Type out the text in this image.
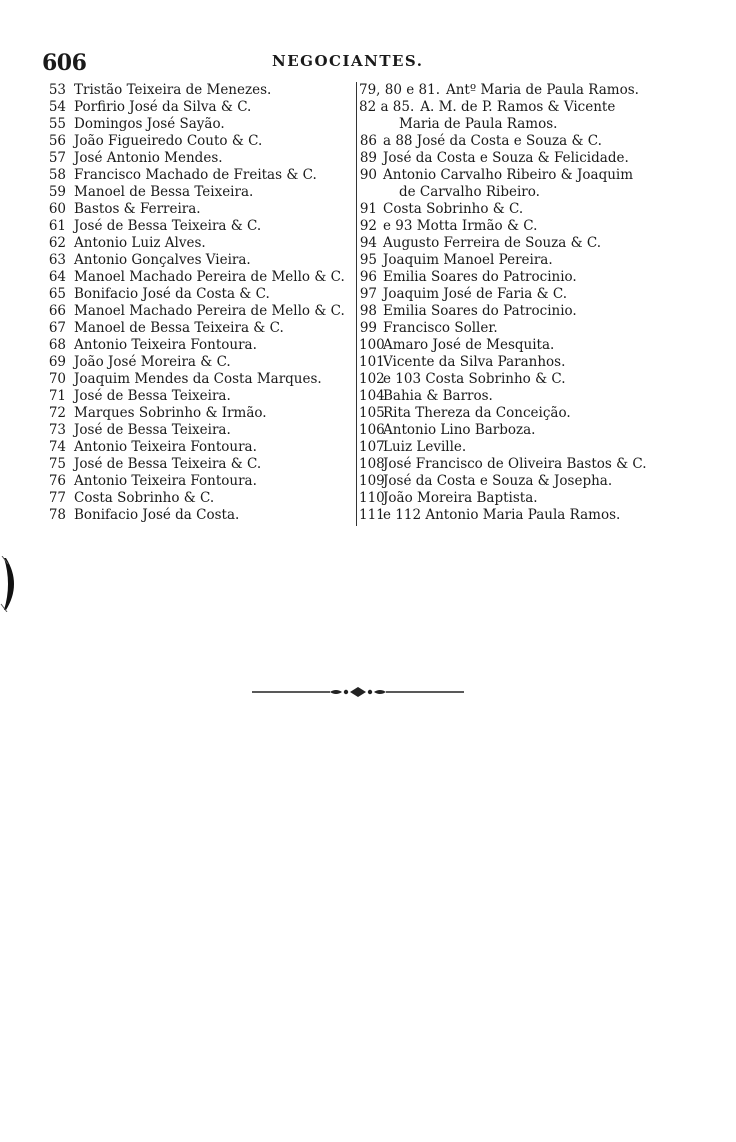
606	NEGOCIANTES.
53 Tristão Teixeira de Menezes.
54 Porfirio José da Silva & C.
55 Domingos José Sayão.
56 João Figueiredo Couto & C.
57 José Antonio Mendes.
58 Francisco Machado de Freitas & C.
59 Manoel de Bessa Teixeira.
60 Bastos & Ferreira.
61 José de Bessa Teixeira & C.
62 Antonio Luiz Alves.
63 Antonio Gonçalves Vieira.
64 Manoel Machado Pereira de Mello & C.
65 Bonifacio José da Costa & C.
66 Manoel Machado Pereira de Mello & C.
67 Manoel de Bessa Teixeira & C.
68 Antonio Teixeira Fontoura.
69 João José Moreira & C.
70 Joaquim Mendes da Costa Marques.
71 José de Bessa Teixeira.
72 Marques Sobrinho & Irmão.
73 José de Bessa Teixeira.
74 Antonio Teixeira Fontoura.
75 José de Bessa Teixeira & C.
76 Antonio Teixeira Fontoura.
77 Costa Sobrinho & C.
78 Bonifacio José da Costa.
79, 80 e 81. Antº Maria de Paula Ramos.
82 a 85. A. M. de P. Ramos & Vicente
Maria de Paula Ramos.
86 a 88 José da Costa e Souza & C.
89 José da Costa e Souza & Felicidade.
90 Antonio Carvalho Ribeiro & Joaquim
de Carvalho Ribeiro.
91 Costa Sobrinho & C.
92 e 93 Motta Irmão & C.
94 Augusto Ferreira de Souza & C.
95 Joaquim Manoel Pereira.
96 Emilia Soares do Patrocinio.
97 Joaquim José de Faria & C.
98 Emilia Soares do Patrocinio.
99 Francisco Soller.
100
Amaro José de Mesquita.
101
Vicente da Silva Paranhos.
102
e 103 Costa Sobrinho & C.
104
Bahia & Barros.
105
Rita Thereza da Conceição.
106
Antonio Lino Barboza.
107
Luiz Leville.
108
José Francisco de Oliveira Bastos & C.
109
José da Costa e Souza & Josepha.
110
João Moreira Baptista.
111
e 112 Antonio Maria Paula Ramos.
